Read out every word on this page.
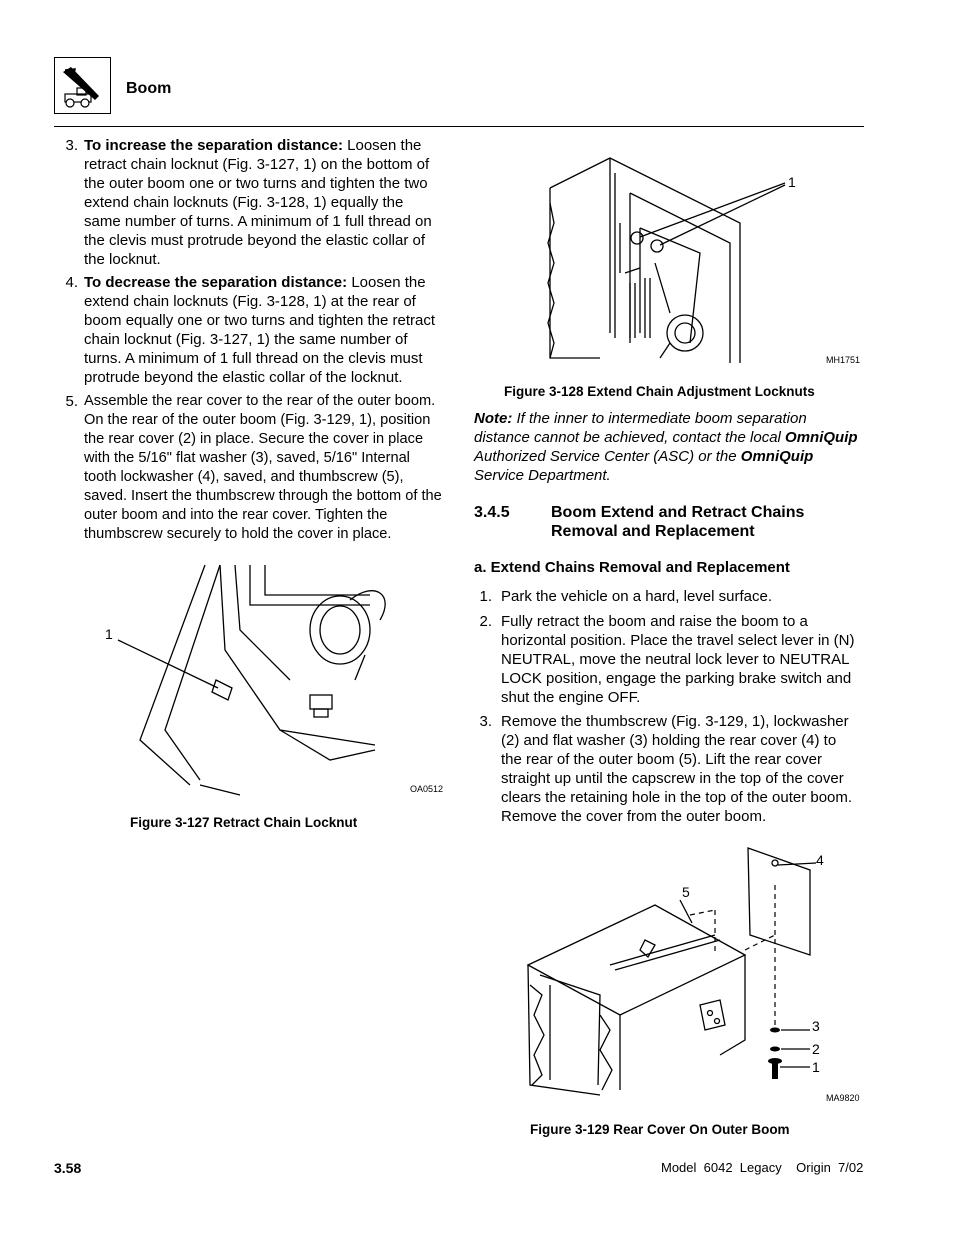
Boom
3. To increase the separation distance: Loosen the retract chain locknut (Fig. 3-127, 1) on the bottom of the outer boom one or two turns and tighten the two extend chain locknuts (Fig. 3-128, 1) equally the same number of turns. A minimum of 1 full thread on the clevis must protrude beyond the elastic collar of the locknut.
4. To decrease the separation distance: Loosen the extend chain locknuts (Fig. 3-128, 1) at the rear of boom equally one or two turns and tighten the retract chain locknut (Fig. 3-127, 1) the same number of turns. A minimum of 1 full thread on the clevis must protrude beyond the elastic collar of the locknut.
5. Assemble the rear cover to the rear of the outer boom. On the rear of the outer boom (Fig. 3-129, 1), position the rear cover (2) in place. Secure the cover in place with the 5/16" flat washer (3), saved, 5/16" Internal tooth lockwasher (4), saved, and thumbscrew (5), saved. Insert the thumbscrew through the bottom of the outer boom and into the rear cover. Tighten the thumbscrew securely to hold the cover in place.
1
OA0512
Figure 3-127 Retract Chain Locknut
1
MH1751
Figure 3-128 Extend Chain Adjustment Locknuts
Note: If the inner to intermediate boom separation distance cannot be achieved, contact the local OmniQuip Authorized Service Center (ASC) or the OmniQuip Service Department.
3.4.5	Boom Extend and Retract Chains
Removal and Replacement
a. Extend Chains Removal and Replacement
1. Park the vehicle on a hard, level surface.
2. Fully retract the boom and raise the boom to a horizontal position. Place the travel select lever in (N) NEUTRAL, move the neutral lock lever to NEUTRAL LOCK position, engage the parking brake switch and shut the engine OFF.
3. Remove the thumbscrew (Fig. 3-129, 1), lockwasher (2) and flat washer (3) holding the rear cover (4) to the rear of the outer boom (5). Lift the rear cover straight up until the capscrew in the top of the cover clears the retaining hole in the top of the outer boom. Remove the cover from the outer boom.
4
5
3
2
1
MA9820
Figure 3-129 Rear Cover On Outer Boom
3.58	Model  6042  Legacy    Origin  7/02
